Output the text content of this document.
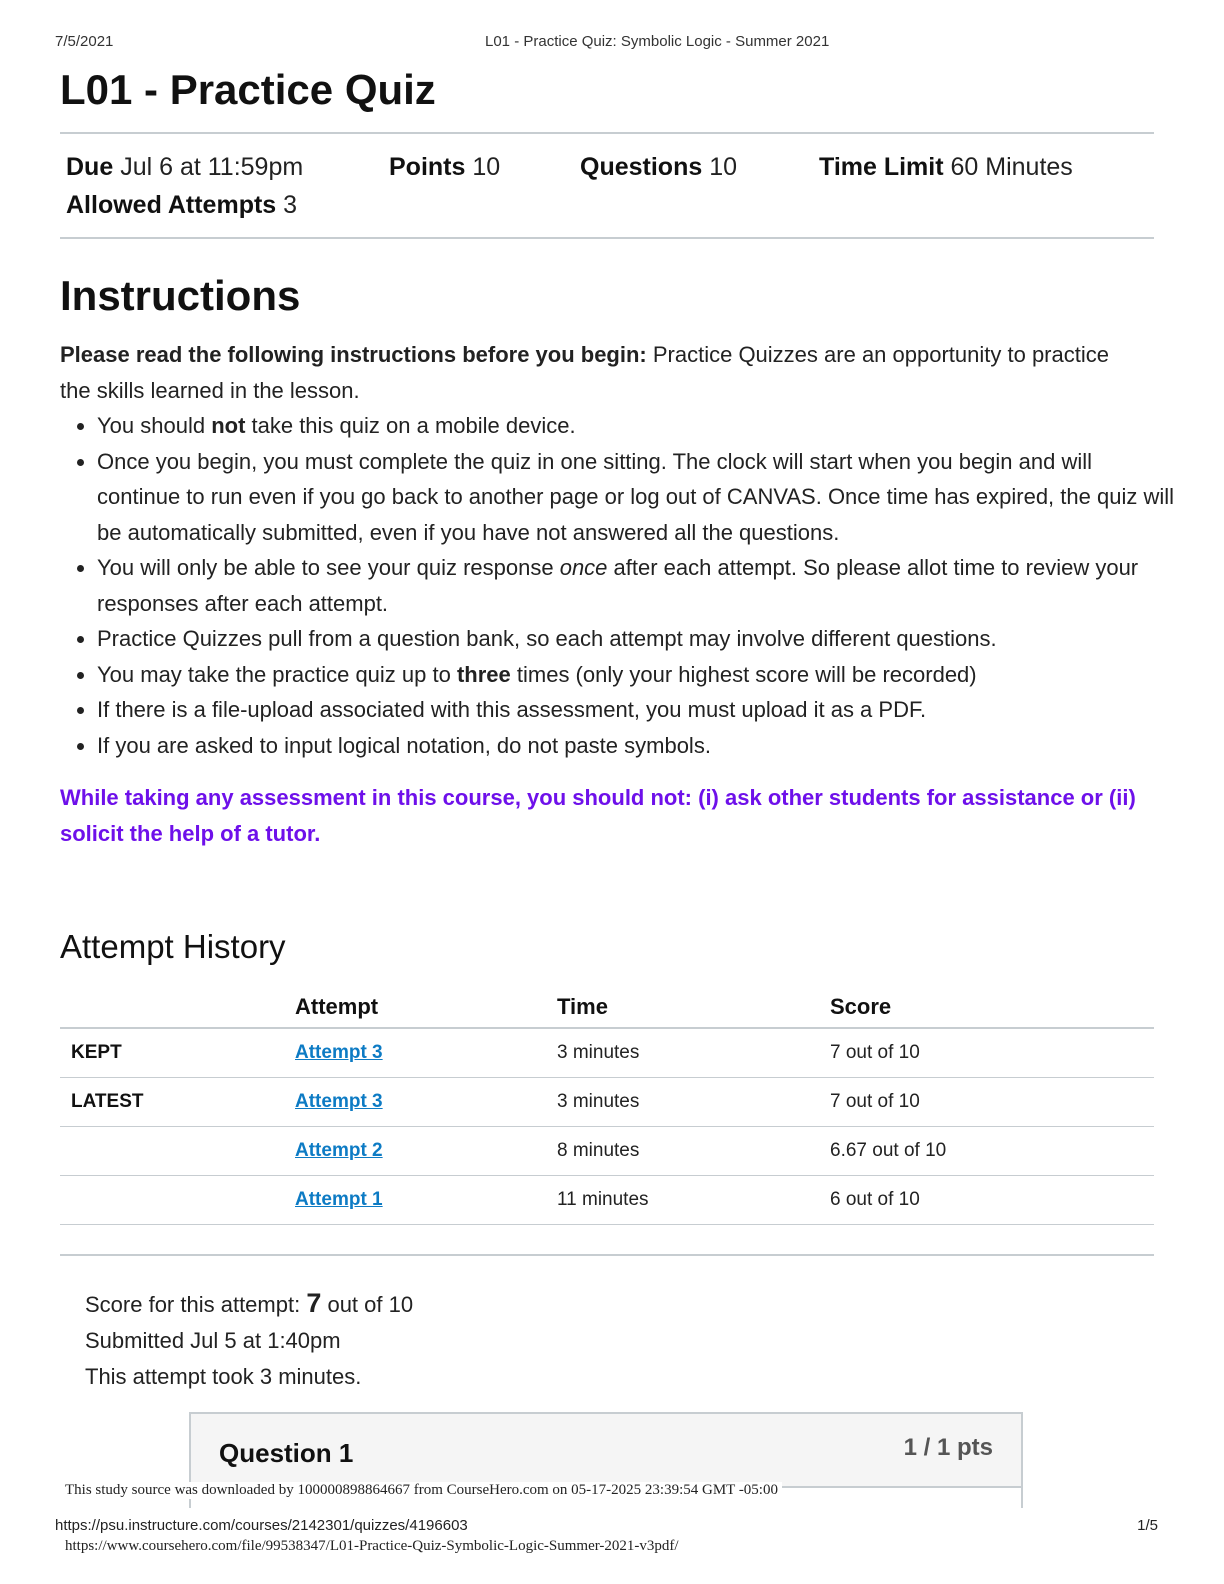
7/5/2021	L01 - Practice Quiz: Symbolic Logic - Summer 2021
L01 - Practice Quiz
Due Jul 6 at 11:59pm	Points 10	Questions 10	Time Limit 60 Minutes
Allowed Attempts 3
Instructions
Please read the following instructions before you begin: Practice Quizzes are an opportunity to practice the skills learned in the lesson.
• You should not take this quiz on a mobile device.
• Once you begin, you must complete the quiz in one sitting. The clock will start when you begin and will continue to run even if you go back to another page or log out of CANVAS. Once time has expired, the quiz will be automatically submitted, even if you have not answered all the questions.
• You will only be able to see your quiz response once after each attempt. So please allot time to review your responses after each attempt.
• Practice Quizzes pull from a question bank, so each attempt may involve different questions.
• You may take the practice quiz up to three times (only your highest score will be recorded)
• If there is a file-upload associated with this assessment, you must upload it as a PDF.
• If you are asked to input logical notation, do not paste symbols.
While taking any assessment in this course, you should not: (i) ask other students for assistance or (ii) solicit the help of a tutor.
Attempt History
	Attempt	Time	Score
KEPT	Attempt 3	3 minutes	7 out of 10
LATEST	Attempt 3	3 minutes	7 out of 10
	Attempt 2	8 minutes	6.67 out of 10
	Attempt 1	11 minutes	6 out of 10
Score for this attempt: 7 out of 10
Submitted Jul 5 at 1:40pm
This attempt took 3 minutes.
Question 1	1 / 1 pts
This study source was downloaded by 100000898864667 from CourseHero.com on 05-17-2025 23:39:54 GMT -05:00
https://psu.instructure.com/courses/2142301/quizzes/4196603	1/5
https://www.coursehero.com/file/99538347/L01-Practice-Quiz-Symbolic-Logic-Summer-2021-v3pdf/
